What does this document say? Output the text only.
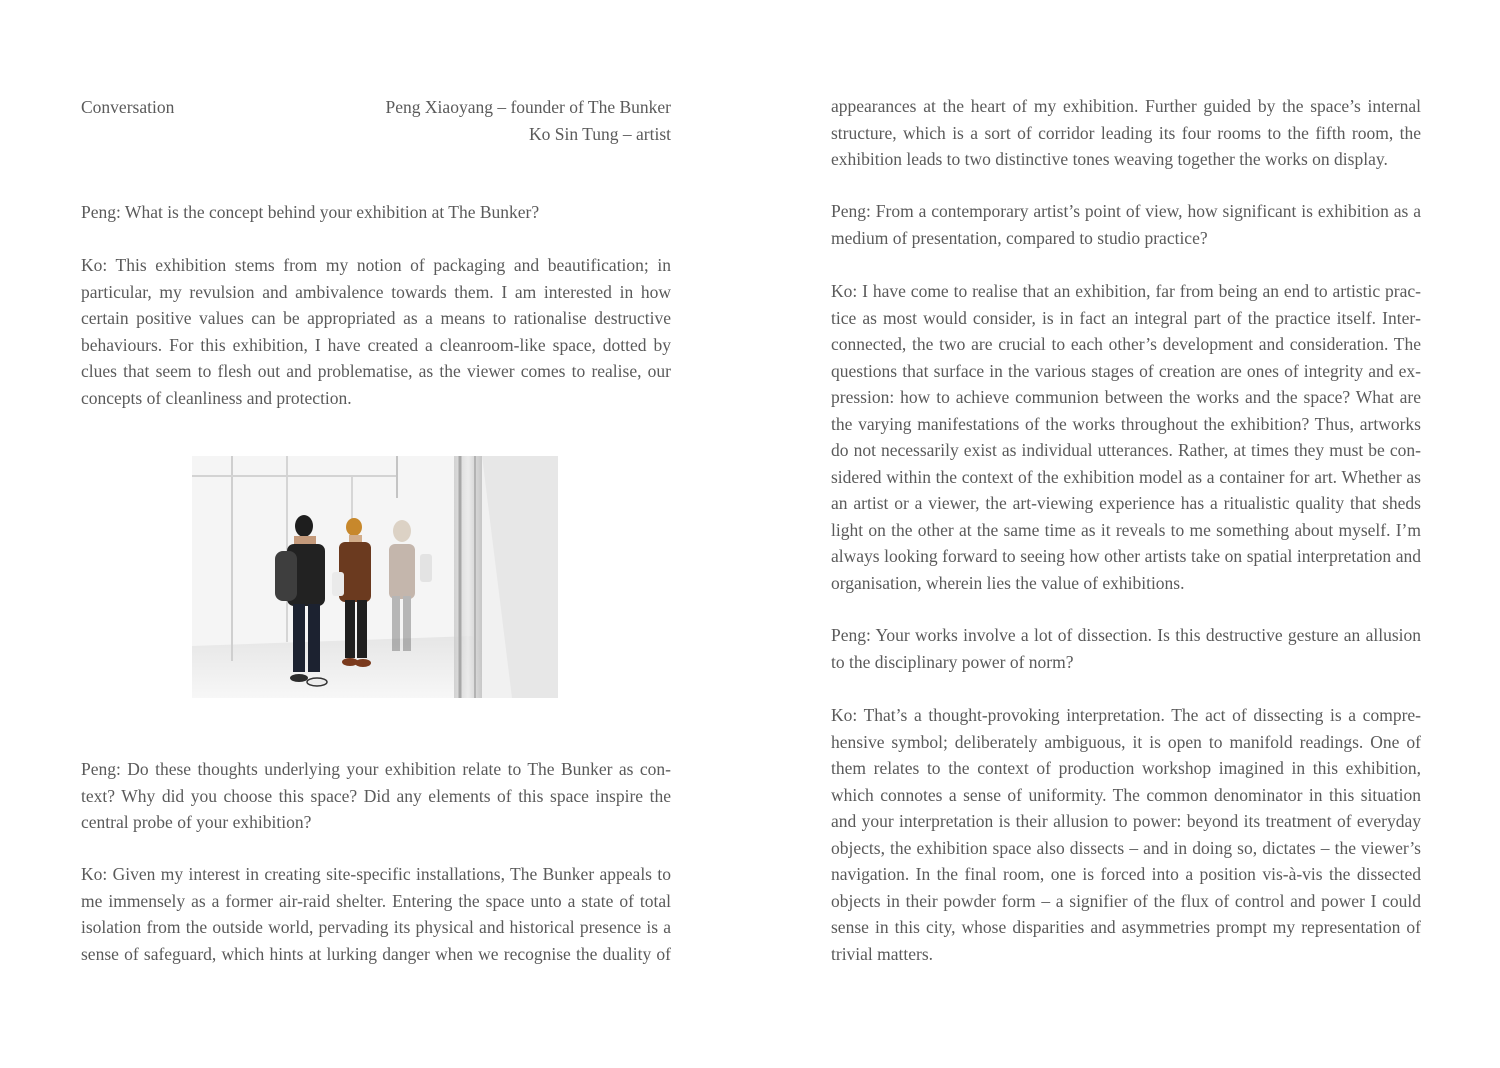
Conversation	Peng Xiaoyang – founder of The Bunker
Ko Sin Tung – artist

Peng: What is the concept behind your exhibition at The Bunker?

Ko: This exhibition stems from my notion of packaging and beautification; in particular, my revulsion and ambivalence towards them. I am interested in how certain positive values can be appropriated as a means to rationalise destructive behaviours. For this exhibition, I have created a cleanroom-like space, dotted by clues that seem to flesh out and problematise, as the viewer comes to realise, our concepts of cleanliness and protection.

Peng: Do these thoughts underlying your exhibition relate to The Bunker as context? Why did you choose this space? Did any elements of this space inspire the central probe of your exhibition?

Ko: Given my interest in creating site-specific installations, The Bunker appeals to me immensely as a former air-raid shelter. Entering the space unto a state of total isolation from the outside world, pervading its physical and historical presence is a sense of safeguard, which hints at lurking danger when we recognise the duality of

appearances at the heart of my exhibition. Further guided by the space’s internal structure, which is a sort of corridor leading its four rooms to the fifth room, the exhibition leads to two distinctive tones weaving together the works on display.

Peng: From a contemporary artist’s point of view, how significant is exhibition as a medium of presentation, compared to studio practice?

Ko: I have come to realise that an exhibition, far from being an end to artistic practice as most would consider, is in fact an integral part of the practice itself. Interconnected, the two are crucial to each other’s development and consideration. The questions that surface in the various stages of creation are ones of integrity and expression: how to achieve communion between the works and the space? What are the varying manifestations of the works throughout the exhibition? Thus, artworks do not necessarily exist as individual utterances. Rather, at times they must be considered within the context of the exhibition model as a container for art. Whether as an artist or a viewer, the art-viewing experience has a ritualistic quality that sheds light on the other at the same time as it reveals to me something about myself. I’m always looking forward to seeing how other artists take on spatial interpretation and organisation, wherein lies the value of exhibitions.

Peng: Your works involve a lot of dissection. Is this destructive gesture an allusion to the disciplinary power of norm?

Ko: That’s a thought-provoking interpretation. The act of dissecting is a comprehensive symbol; deliberately ambiguous, it is open to manifold readings. One of them relates to the context of production workshop imagined in this exhibition, which connotes a sense of uniformity. The common denominator in this situation and your interpretation is their allusion to power: beyond its treatment of everyday objects, the exhibition space also dissects – and in doing so, dictates – the viewer’s navigation. In the final room, one is forced into a position vis-à-vis the dissected objects in their powder form – a signifier of the flux of control and power I could sense in this city, whose disparities and asymmetries prompt my representation of trivial matters.
